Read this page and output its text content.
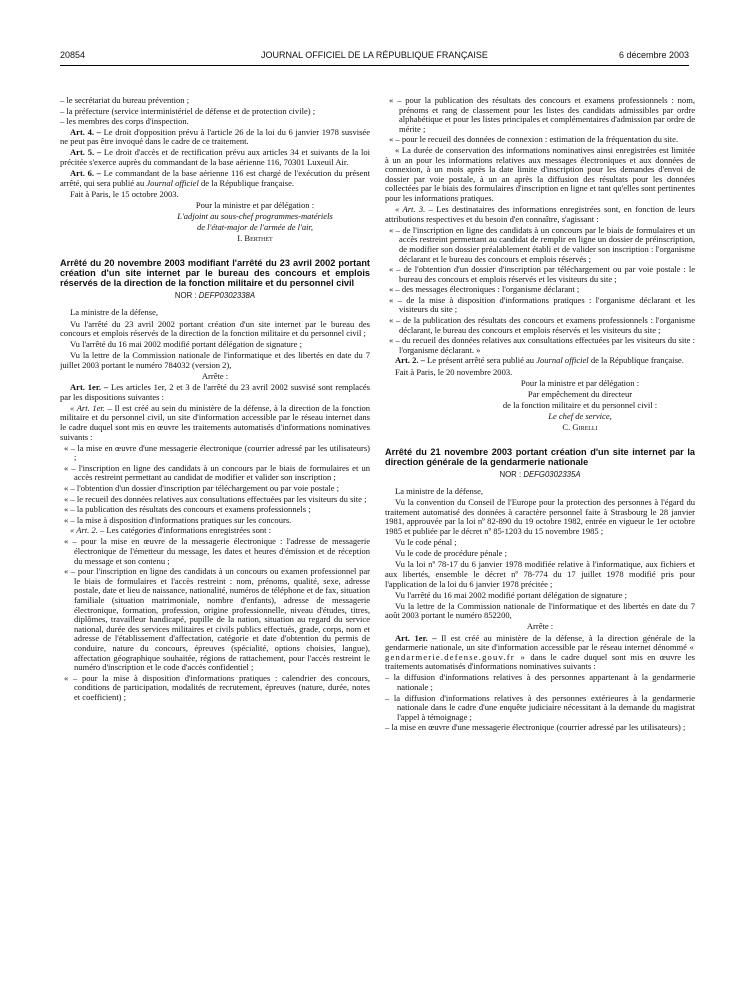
20854	JOURNAL OFFICIEL DE LA RÉPUBLIQUE FRANÇAISE	6 décembre 2003

– le secrétariat du bureau prévention ;

– la préfecture (service interministériel de défense et de protection civile) ;

– les membres des corps d'inspection.

Art. 4. – Le droit d'opposition prévu à l'article 26 de la loi du 6 janvier 1978 susvisée ne peut pas être invoqué dans le cadre de ce traitement.

Art. 5. – Le droit d'accès et de rectification prévu aux articles 34 et suivants de la loi précitée s'exerce auprès du commandant de la base aérienne 116, 70301 Luxeuil Air.

Art. 6. – Le commandant de la base aérienne 116 est chargé de l'exécution du présent arrêté, qui sera publié au Journal officiel de la République française.

Fait à Paris, le 15 octobre 2003.

Pour la ministre et par délégation :

L'adjoint au sous-chef programmes-matériels

de l'état-major de l'armée de l'air,

I. Berthet

Arrêté du 20 novembre 2003 modifiant l'arrêté du 23 avril 2002 portant création d'un site internet par le bureau des concours et emplois réservés de la direction de la fonction militaire et du personnel civil
NOR : DEFP0302338A

La ministre de la défense,

Vu l'arrêté du 23 avril 2002 portant création d'un site internet par le bureau des concours et emplois réservés de la direction de la fonction militaire et du personnel civil ;

Vu l'arrêté du 16 mai 2002 modifié portant délégation de signature ;

Vu la lettre de la Commission nationale de l'informatique et des libertés en date du 7 juillet 2003 portant le numéro 784032 (version 2),

Arrête :

Art. 1er. – Les articles 1er, 2 et 3 de l'arrêté du 23 avril 2002 susvisé sont remplacés par les dispositions suivantes :

« Art. 1er. – Il est créé au sein du ministère de la défense, à la direction de la fonction militaire et du personnel civil, un site d'information accessible par le réseau internet dans le cadre duquel sont mis en œuvre les traitements automatisés d'informations nominatives suivants :

« – la mise en œuvre d'une messagerie électronique (courrier adressé par les utilisateurs) ;

« – l'inscription en ligne des candidats à un concours par le biais de formulaires et un accès restreint permettant au candidat de modifier et valider son inscription ;

« – l'obtention d'un dossier d'inscription par téléchargement ou par voie postale ;

« – le recueil des données relatives aux consultations effectuées par les visiteurs du site ;

« – la publication des résultats des concours et examens professionnels ;

« – la mise à disposition d'informations pratiques sur les concours.

« Art. 2. – Les catégories d'informations enregistrées sont :

« – pour la mise en œuvre de la messagerie électronique : l'adresse de messagerie électronique de l'émetteur du message, les dates et heures d'émission et de réception du message et son contenu ;

« – pour l'inscription en ligne des candidats à un concours ou examen professionnel par le biais de formulaires et l'accès restreint : nom, prénoms, qualité, sexe, adresse postale, date et lieu de naissance, nationalité, numéros de téléphone et de fax, situation familiale (situation matrimoniale, nombre d'enfants), adresse de messagerie électronique, formation, profession, origine professionnelle, niveau d'études, titres, diplômes, travailleur handicapé, pupille de la nation, situation au regard du service national, durée des services militaires et civils publics effectués, grade, corps, nom et adresse de l'établissement d'affectation, catégorie et date d'obtention du permis de conduire, nature du concours, épreuves (spécialité, options choisies, langue), affectation géographique souhaitée, régions de rattachement, pour l'accès restreint le numéro d'inscription et le code d'accès confidentiel ;

« – pour la mise à disposition d'informations pratiques : calendrier des concours, conditions de participation, modalités de recrutement, épreuves (nature, durée, notes et coefficient) ;

« – pour la publication des résultats des concours et examens professionnels : nom, prénoms et rang de classement pour les listes des candidats admissibles par ordre alphabétique et pour les listes principales et complémentaires d'admission par ordre de mérite ;

« – pour le recueil des données de connexion : estimation de la fréquentation du site.

« La durée de conservation des informations nominatives ainsi enregistrées est limitée à un an pour les informations relatives aux messages électroniques et aux données de connexion, à un mois après la date limite d'inscription pour les demandes d'envoi de dossier par voie postale, à un an après la diffusion des résultats pour les données collectées par le biais des formulaires d'inscription en ligne et tant qu'elles sont pertinentes pour les informations pratiques.

« Art. 3. – Les destinataires des informations enregistrées sont, en fonction de leurs attributions respectives et du besoin d'en connaître, s'agissant :

« – de l'inscription en ligne des candidats à un concours par le biais de formulaires et un accès restreint permettant au candidat de remplir en ligne un dossier de préinscription, de modifier son dossier préalablement établi et de valider son inscription : l'organisme déclarant et le bureau des concours et emplois réservés ;

« – de l'obtention d'un dossier d'inscription par téléchargement ou par voie postale : le bureau des concours et emplois réservés et les visiteurs du site ;

« – des messages électroniques : l'organisme déclarant ;

« – de la mise à disposition d'informations pratiques : l'organisme déclarant et les visiteurs du site ;

« – de la publication des résultats des concours et examens professionnels : l'organisme déclarant, le bureau des concours et emplois réservés et les visiteurs du site ;

« – du recueil des données relatives aux consultations effectuées par les visiteurs du site : l'organisme déclarant. »

Art. 2. – Le présent arrêté sera publié au Journal officiel de la République française.

Fait à Paris, le 20 novembre 2003.

Pour la ministre et par délégation :

Par empêchement du directeur

de la fonction militaire et du personnel civil :

Le chef de service,

C. Girelli

Arrêté du 21 novembre 2003 portant création d'un site internet par la direction générale de la gendarmerie nationale
NOR : DEFG0302335A

La ministre de la défense,

Vu la convention du Conseil de l'Europe pour la protection des personnes à l'égard du traitement automatisé des données à caractère personnel faite à Strasbourg le 28 janvier 1981, approuvée par la loi nº 82-890 du 19 octobre 1982, entrée en vigueur le 1er octobre 1985 et publiée par le décret nº 85-1203 du 15 novembre 1985 ;

Vu le code pénal ;

Vu le code de procédure pénale ;

Vu la loi nº 78-17 du 6 janvier 1978 modifiée relative à l'informatique, aux fichiers et aux libertés, ensemble le décret nº 78-774 du 17 juillet 1978 modifié pris pour l'application de la loi du 6 janvier 1978 précitée ;

Vu l'arrêté du 16 mai 2002 modifié portant délégation de signature ;

Vu la lettre de la Commission nationale de l'informatique et des libertés en date du 7 août 2003 portant le numéro 852200,

Arrête :

Art. 1er. – Il est créé au ministère de la défense, à la direction générale de la gendarmerie nationale, un site d'information accessible par le réseau internet dénommé « gendarmerie.defense.gouv.fr » dans le cadre duquel sont mis en œuvre les traitements automatisés d'informations nominatives suivants :

– la diffusion d'informations relatives à des personnes appartenant à la gendarmerie nationale ;

– la diffusion d'informations relatives à des personnes extérieures à la gendarmerie nationale dans le cadre d'une enquête judiciaire nécessitant à la demande du magistrat l'appel à témoignage ;

– la mise en œuvre d'une messagerie électronique (courrier adressé par les utilisateurs) ;
